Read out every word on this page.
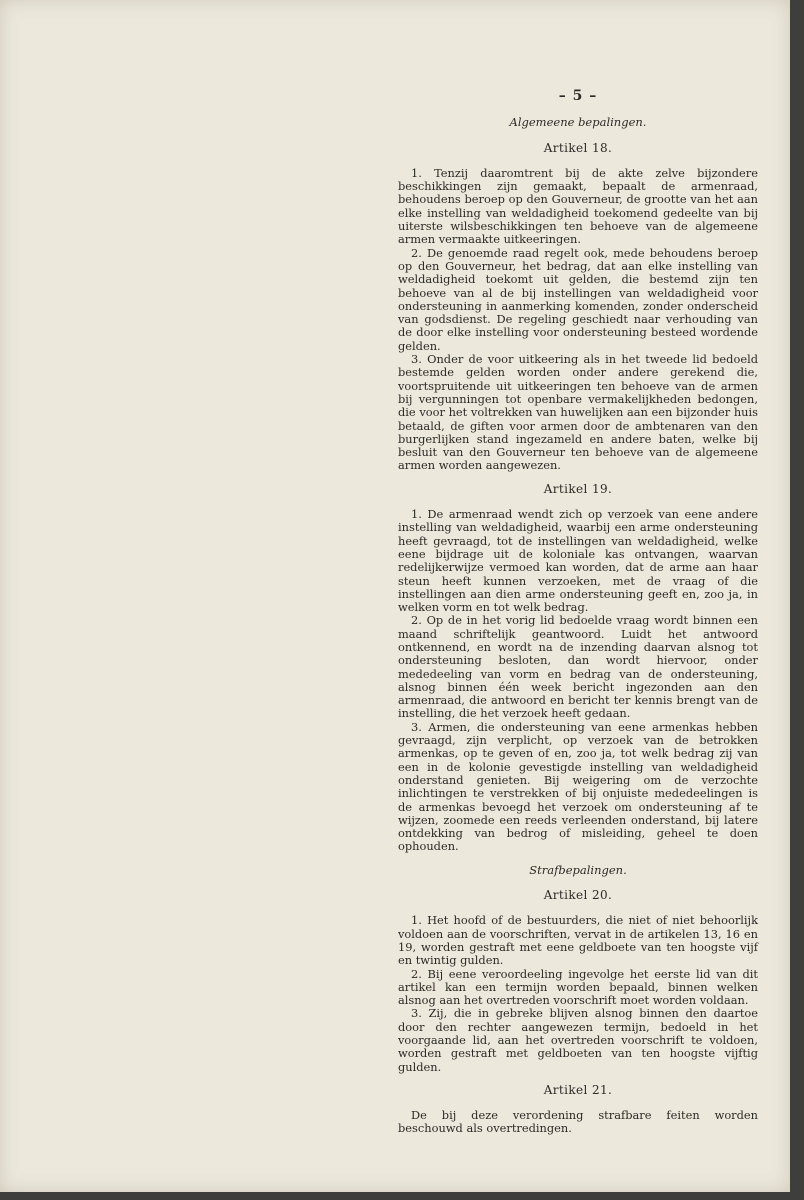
– 5 –
Algemeene bepalingen.
Artikel 18.

1. Tenzij daaromtrent bij de akte zelve bijzondere beschikkingen zijn gemaakt, bepaalt de armenraad, behoudens beroep op den Gouverneur, de grootte van het aan elke instelling van weldadigheid toekomend gedeelte van bij uiterste wilsbeschikkingen ten behoeve van de algemeene armen vermaakte uitkeeringen.

2. De genoemde raad regelt ook, mede behoudens beroep op den Gouverneur, het bedrag, dat aan elke instelling van weldadigheid toekomt uit gelden, die bestemd zijn ten behoeve van al de bij instellingen van weldadigheid voor ondersteuning in aanmerking komenden, zonder onderscheid van godsdienst. De regeling geschiedt naar verhouding van de door elke instelling voor ondersteuning besteed wordende gelden.

3. Onder de voor uitkeering als in het tweede lid bedoeld bestemde gelden worden onder andere gerekend die, voortspruitende uit uitkeeringen ten behoeve van de armen bij vergunningen tot openbare vermakelijkheden bedongen, die voor het voltrekken van huwelijken aan een bijzonder huis betaald, de giften voor armen door de ambtenaren van den burgerlijken stand ingezameld en andere baten, welke bij besluit van den Gouverneur ten behoeve van de algemeene armen worden aangewezen.

Artikel 19.

1. De armenraad wendt zich op verzoek van eene andere instelling van weldadigheid, waarbij een arme ondersteuning heeft gevraagd, tot de instellingen van weldadigheid, welke eene bijdrage uit de koloniale kas ontvangen, waarvan redelijkerwijze vermoed kan worden, dat de arme aan haar steun heeft kunnen verzoeken, met de vraag of die instellingen aan dien arme ondersteuning geeft en, zoo ja, in welken vorm en tot welk bedrag.

2. Op de in het vorig lid bedoelde vraag wordt binnen een maand schriftelijk geantwoord. Luidt het antwoord ontkennend, en wordt na de inzending daarvan alsnog tot ondersteuning besloten, dan wordt hiervoor, onder mededeeling van vorm en bedrag van de ondersteuning, alsnog binnen één week bericht ingezonden aan den armenraad, die antwoord en bericht ter kennis brengt van de instelling, die het verzoek heeft gedaan.

3. Armen, die ondersteuning van eene armenkas hebben gevraagd, zijn verplicht, op verzoek van de betrokken armenkas, op te geven of en, zoo ja, tot welk bedrag zij van een in de kolonie gevestigde instelling van weldadigheid onderstand genieten. Bij weigering om de verzochte inlichtingen te verstrekken of bij onjuiste mededeelingen is de armenkas bevoegd het verzoek om ondersteuning af te wijzen, zoomede een reeds verleenden onderstand, bij latere ontdekking van bedrog of misleiding, geheel te doen ophouden.

Strafbepalingen.
Artikel 20.

1. Het hoofd of de bestuurders, die niet of niet behoorlijk voldoen aan de voorschriften, vervat in de artikelen 13, 16 en 19, worden gestraft met eene geldboete van ten hoogste vijf en twintig gulden.

2. Bij eene veroordeeling ingevolge het eerste lid van dit artikel kan een termijn worden bepaald, binnen welken alsnog aan het overtreden voorschrift moet worden voldaan.

3. Zij, die in gebreke blijven alsnog binnen den daartoe door den rechter aangewezen termijn, bedoeld in het voorgaande lid, aan het overtreden voorschrift te voldoen, worden gestraft met geldboeten van ten hoogste vijftig gulden.

Artikel 21.

De bij deze verordening strafbare feiten worden beschouwd als overtredingen.
